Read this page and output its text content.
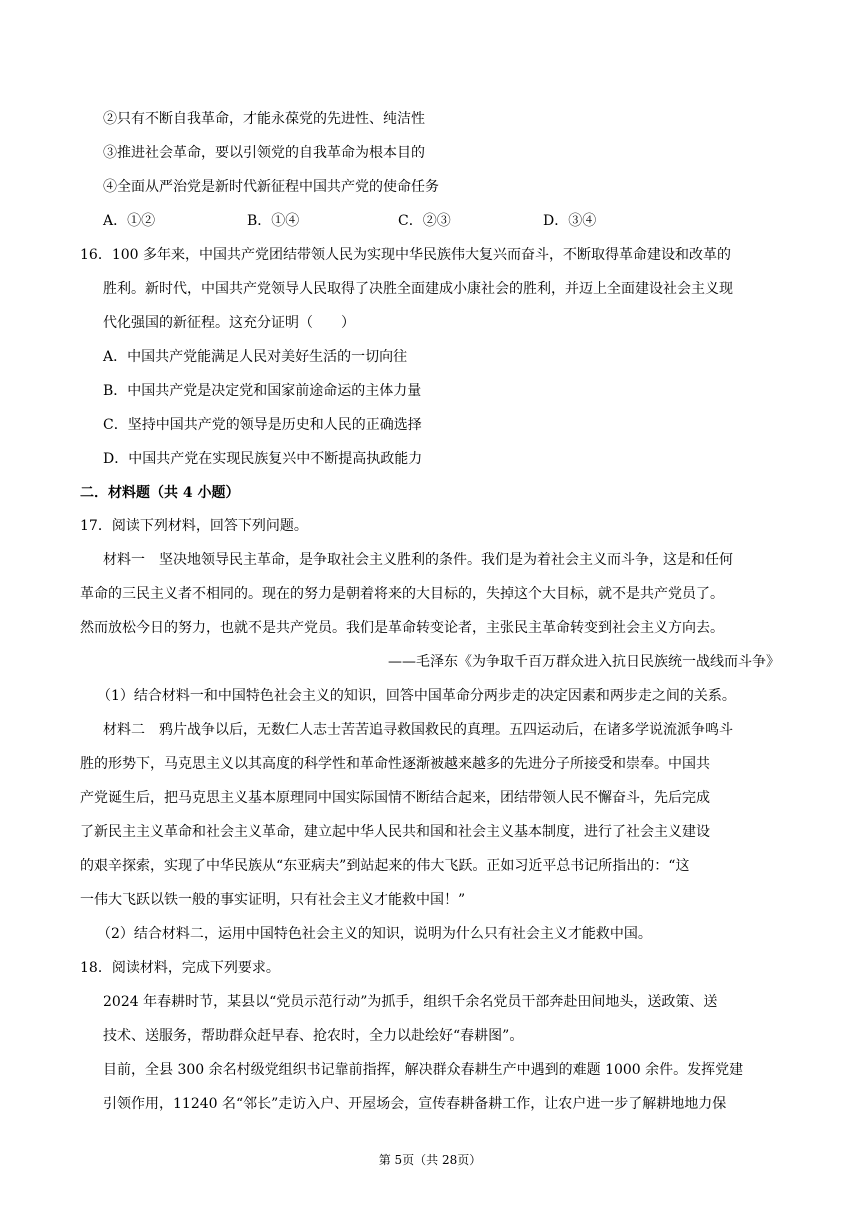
②只有不断自我革命，才能永葆党的先进性、纯洁性
③推进社会革命，要以引领党的自我革命为根本目的
④全面从严治党是新时代新征程中国共产党的使命任务
A．①②	B．①④	C．②③	D．③④
16．100 多年来，中国共产党团结带领人民为实现中华民族伟大复兴而奋斗，不断取得革命建设和改革的
胜利。新时代，中国共产党领导人民取得了决胜全面建成小康社会的胜利，并迈上全面建设社会主义现
代化强国的新征程。这充分证明（　　）
A．中国共产党能满足人民对美好生活的一切向往
B．中国共产党是决定党和国家前途命运的主体力量
C．坚持中国共产党的领导是历史和人民的正确选择
D．中国共产党在实现民族复兴中不断提高执政能力
二．材料题（共 4 小题）
17．阅读下列材料，回答下列问题。
材料一　坚决地领导民主革命，是争取社会主义胜利的条件。我们是为着社会主义而斗争，这是和任何
革命的三民主义者不相同的。现在的努力是朝着将来的大目标的，失掉这个大目标，就不是共产党员了。
然而放松今日的努力，也就不是共产党员。我们是革命转变论者，主张民主革命转变到社会主义方向去。
——毛泽东《为争取千百万群众进入抗日民族统一战线而斗争》
（1）结合材料一和中国特色社会主义的知识，回答中国革命分两步走的决定因素和两步走之间的关系。
材料二　鸦片战争以后，无数仁人志士苦苦追寻救国救民的真理。五四运动后，在诸多学说流派争鸣斗
胜的形势下，马克思主义以其高度的科学性和革命性逐渐被越来越多的先进分子所接受和崇奉。中国共
产党诞生后，把马克思主义基本原理同中国实际国情不断结合起来，团结带领人民不懈奋斗，先后完成
了新民主主义革命和社会主义革命，建立起中华人民共和国和社会主义基本制度，进行了社会主义建设
的艰辛探索，实现了中华民族从“东亚病夫”到站起来的伟大飞跃。正如习近平总书记所指出的：“这
一伟大飞跃以铁一般的事实证明，只有社会主义才能救中国！”
（2）结合材料二，运用中国特色社会主义的知识，说明为什么只有社会主义才能救中国。
18．阅读材料，完成下列要求。
2024 年春耕时节，某县以“党员示范行动”为抓手，组织千余名党员干部奔赴田间地头，送政策、送
技术、送服务，帮助群众赶早春、抢农时，全力以赴绘好“春耕图”。
目前，全县 300 余名村级党组织书记靠前指挥，解决群众春耕生产中遇到的难题 1000 余件。发挥党建
引领作用，11240 名“邻长”走访入户、开屋场会，宣传春耕备耕工作，让农户进一步了解耕地地力保
第 5页（共 28页）
